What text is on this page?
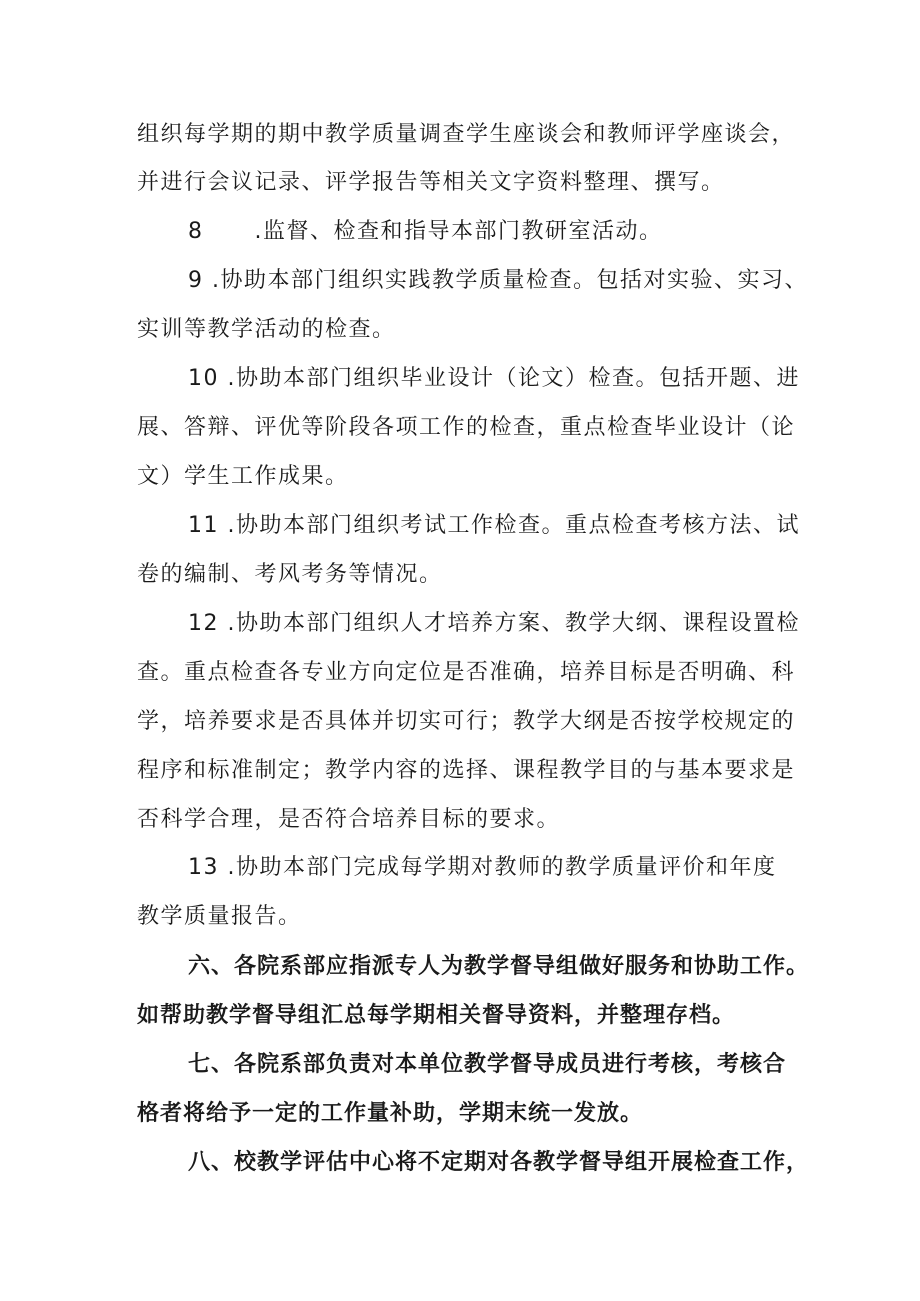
组织每学期的期中教学质量调查学生座谈会和教师评学座谈会，
并进行会议记录、评学报告等相关文字资料整理、撰写。
8      .监督、检查和指导本部门教研室活动。
9 .协助本部门组织实践教学质量检查。包括对实验、实习、
实训等教学活动的检查。
10 .协助本部门组织毕业设计（论文）检查。包括开题、进
展、答辩、评优等阶段各项工作的检查，重点检查毕业设计（论
文）学生工作成果。
11 .协助本部门组织考试工作检查。重点检查考核方法、试
卷的编制、考风考务等情况。
12 .协助本部门组织人才培养方案、教学大纲、课程设置检
查。重点检查各专业方向定位是否准确，培养目标是否明确、科
学，培养要求是否具体并切实可行；教学大纲是否按学校规定的
程序和标准制定；教学内容的选择、课程教学目的与基本要求是
否科学合理，是否符合培养目标的要求。
13 .协助本部门完成每学期对教师的教学质量评价和年度
教学质量报告。
六、各院系部应指派专人为教学督导组做好服务和协助工作。
如帮助教学督导组汇总每学期相关督导资料，并整理存档。
七、各院系部负责对本单位教学督导成员进行考核，考核合
格者将给予一定的工作量补助，学期末统一发放。
八、校教学评估中心将不定期对各教学督导组开展检查工作，
